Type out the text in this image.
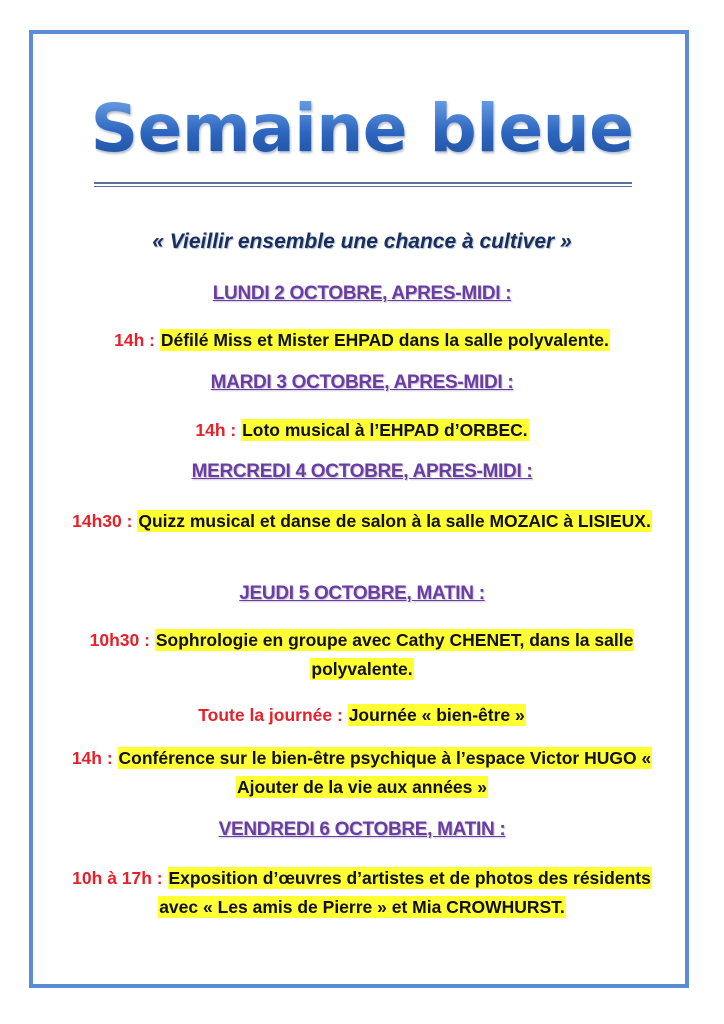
Semaine bleue
« Vieillir ensemble une chance à cultiver »
LUNDI 2 OCTOBRE, APRES-MIDI :
14h : Défilé Miss et Mister EHPAD dans la salle polyvalente.
MARDI 3 OCTOBRE, APRES-MIDI :
14h : Loto musical à l’EHPAD d’ORBEC.
MERCREDI 4 OCTOBRE, APRES-MIDI :
14h30 : Quizz musical et danse de salon à la salle MOZAIC à LISIEUX.
JEUDI 5 OCTOBRE, MATIN :
10h30 : Sophrologie en groupe avec Cathy CHENET, dans la salle polyvalente.
Toute la journée : Journée « bien-être »
14h : Conférence sur le bien-être psychique à l’espace Victor HUGO « Ajouter de la vie aux années »
VENDREDI 6 OCTOBRE, MATIN :
10h à 17h : Exposition d’œuvres d’artistes et de photos des résidents avec « Les amis de Pierre » et Mia CROWHURST.
